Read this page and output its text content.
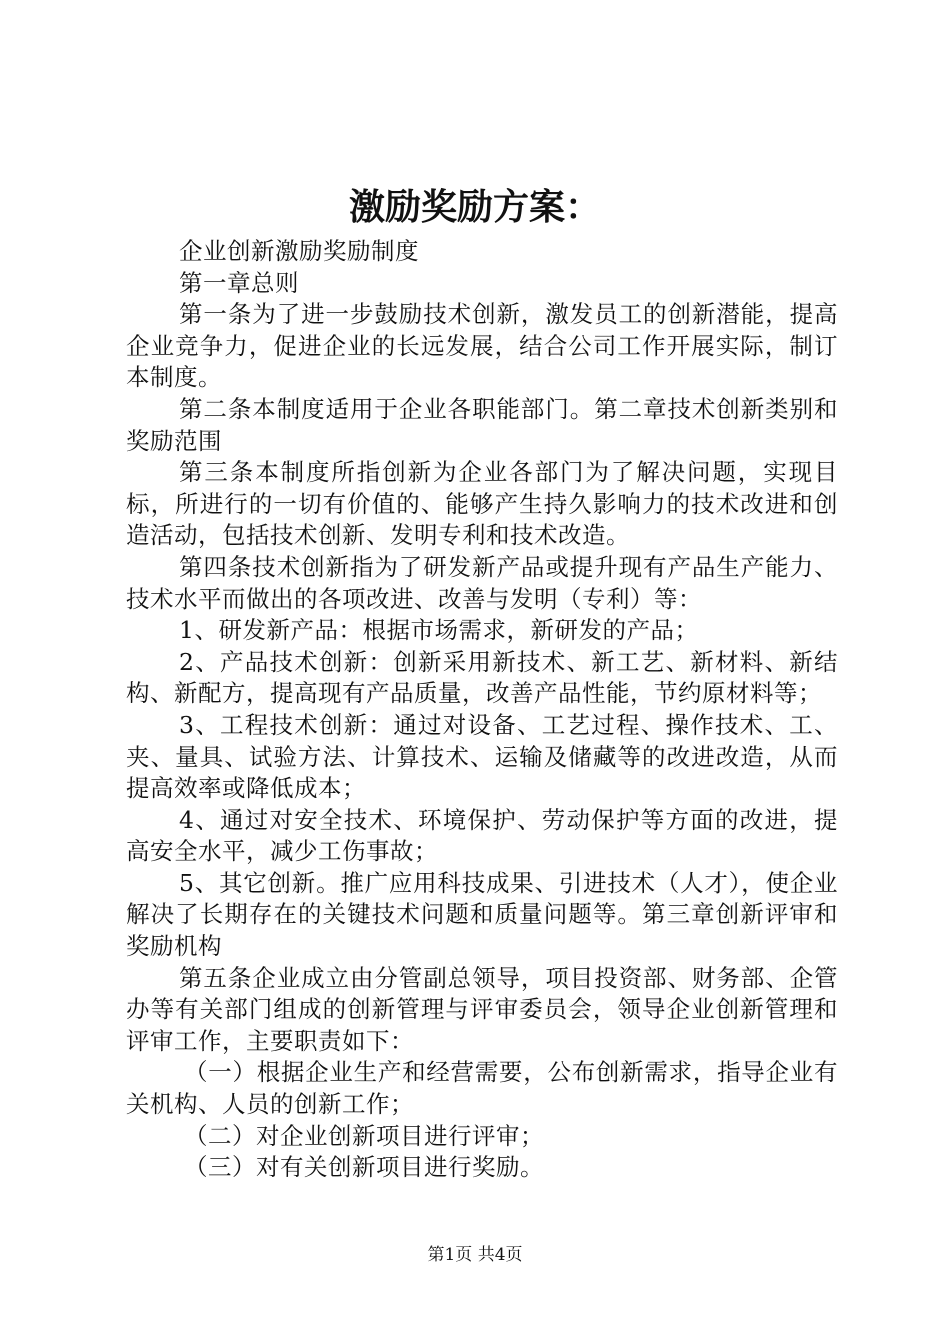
激励奖励方案：

企业创新激励奖励制度

第一章总则

第一条为了进一步鼓励技术创新，激发员工的创新潜能，提高企业竞争力，促进企业的长远发展，结合公司工作开展实际，制订本制度。

第二条本制度适用于企业各职能部门。第二章技术创新类别和奖励范围

第三条本制度所指创新为企业各部门为了解决问题，实现目标，所进行的一切有价值的、能够产生持久影响力的技术改进和创造活动，包括技术创新、发明专利和技术改造。

第四条技术创新指为了研发新产品或提升现有产品生产能力、技术水平而做出的各项改进、改善与发明（专利）等：

1、研发新产品：根据市场需求，新研发的产品；

2、产品技术创新：创新采用新技术、新工艺、新材料、新结构、新配方，提高现有产品质量，改善产品性能，节约原材料等；

3、工程技术创新：通过对设备、工艺过程、操作技术、工、夹、量具、试验方法、计算技术、运输及储藏等的改进改造，从而提高效率或降低成本；

4、通过对安全技术、环境保护、劳动保护等方面的改进，提高安全水平，减少工伤事故；

5、其它创新。推广应用科技成果、引进技术（人才），使企业解决了长期存在的关键技术问题和质量问题等。第三章创新评审和奖励机构

第五条企业成立由分管副总领导，项目投资部、财务部、企管办等有关部门组成的创新管理与评审委员会，领导企业创新管理和评审工作，主要职责如下：

（一）根据企业生产和经营需要，公布创新需求，指导企业有关机构、人员的创新工作；

（二）对企业创新项目进行评审；

（三）对有关创新项目进行奖励。

第1页 共4页
